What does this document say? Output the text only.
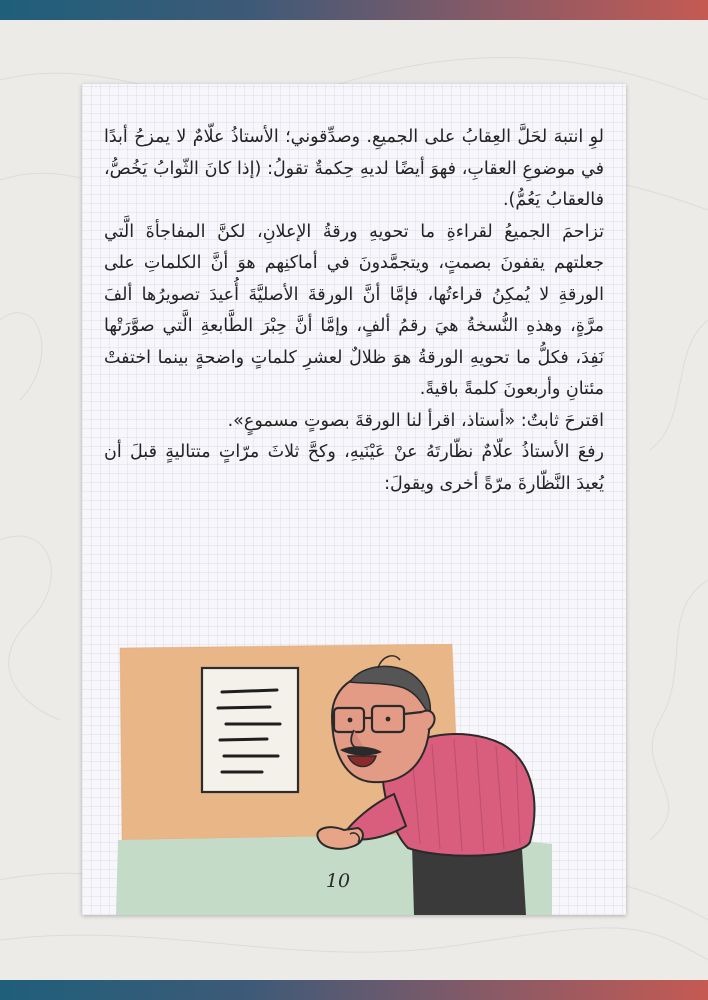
لوِ انتبهَ لحَلَّ العِقابُ على الجميعِ. وصدِّقوني؛ الأستاذُ علّامٌ لا يمزحُ أبدًا في موضوعِ العقابِ، فهوَ أيضًا لديهِ حِكمةٌ تقولُ: (إذا كانَ الثّوابُ يَخُصُّ، فالعقابُ يَعُمُّ).

تزاحمَ الجميعُ لقراءةِ ما تحويهِ ورقةُ الإعلانِ، لكنَّ المفاجأةَ الَّتي جعلتهم يقفونَ بصمتٍ، ويتجمَّدونَ في أماكنِهم هوَ أنَّ الكلماتِ على الورقةِ لا يُمكِنُ قراءتُها، فإمَّا أنَّ الورقةَ الأصليَّةَ أُعيدَ تصويرُها ألفَ مرَّةٍ، وهذهِ النُّسخةُ هيَ رقمُ ألفٍ، وإمَّا أنَّ حِبْرَ الطَّابعةِ الَّتي صوَّرَتْها نَفِدَ، فكلُّ ما تحويهِ الورقةُ هوَ ظلالٌ لعشرِ كلماتٍ واضحةٍ بينما اختفتْ مئتانِ وأربعونَ كلمةً باقيةً.

اقترحَ ثابتٌ: «أستاذ، اقرأ لنا الورقةَ بصوتٍ مسموعٍ».

رفعَ الأستاذُ علّامٌ نظّارتَهُ عنْ عَيْنَيهِ، وكحَّ ثلاثَ مرّاتٍ متتاليةٍ قبلَ أن يُعيدَ النَّظّارةَ مرّةً أخرى ويقولَ:

10
